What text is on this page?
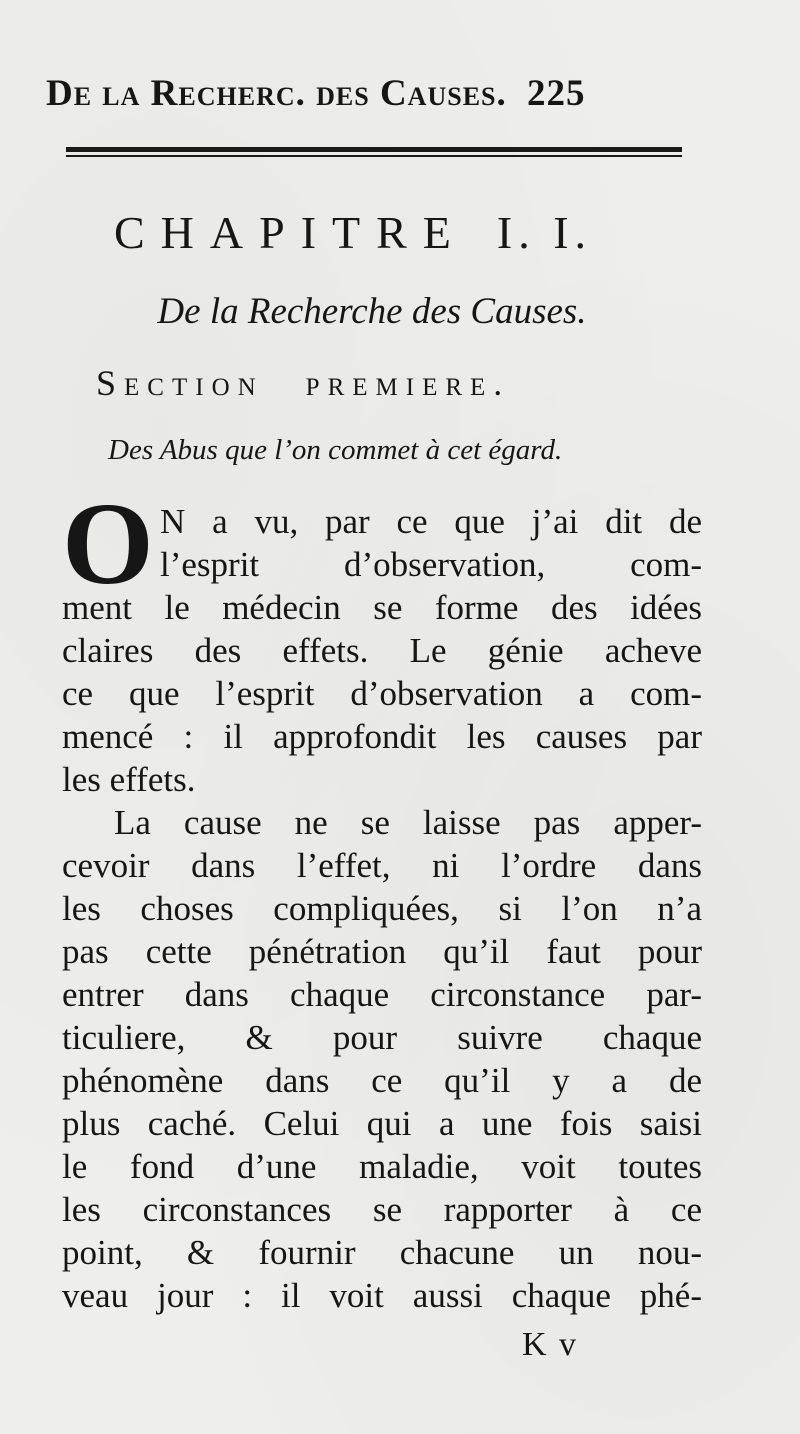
De la Recherc. des Causes. 225
CHAPITRE I. I.
De la Recherche des Causes.
Section premiere.
Des Abus que l’on commet à cet égard.
O N a vu, par ce que j’ai dit de
l’esprit d’observation, com-
ment le médecin se forme des idées
claires des effets. Le génie acheve
ce que l’esprit d’observation a com-
mencé : il approfondit les causes par
les effets.
La cause ne se laisse pas apper-
cevoir dans l’effet, ni l’ordre dans
les choses compliquées, si l’on n’a
pas cette pénétration qu’il faut pour
entrer dans chaque circonstance par-
ticuliere, & pour suivre chaque
phénomène dans ce qu’il y a de
plus caché. Celui qui a une fois saisi
le fond d’une maladie, voit toutes
les circonstances se rapporter à ce
point, & fournir chacune un nou-
veau jour : il voit aussi chaque phé-
K v
